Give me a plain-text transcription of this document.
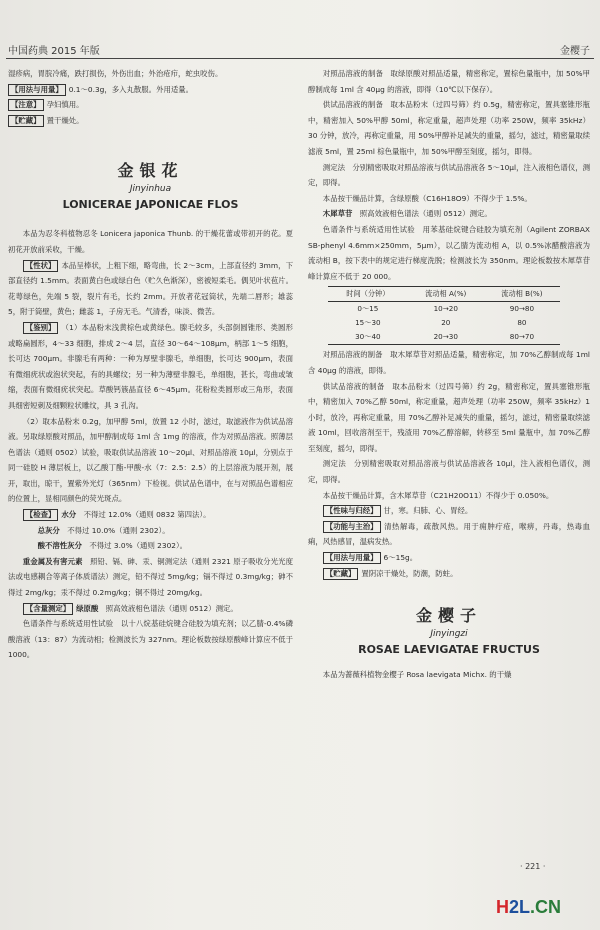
中国药典 2015 年版	金樱子

湿疹病，胃脘冷痛，跌打损伤，外伤出血；外治疮疖，蛇虫咬伤。

【用法与用量】 0.1～0.3g，多入丸散服。外用适量。

【注意】 孕妇慎用。

【贮藏】 置干燥处。

金银花

Jinyinhua

LONICERAE JAPONICAE FLOS

本品为忍冬科植物忍冬 Lonicera japonica Thunb. 的干燥花蕾或带初开的花。夏初花开放前采收，干燥。

【性状】 本品呈棒状，上粗下细，略弯曲，长 2～3cm，上部直径约 3mm，下部直径约 1.5mm。表面黄白色或绿白色（贮久色渐深），密被短柔毛。偶见叶状苞片。花萼绿色，先端 5 裂，裂片有毛，长约 2mm。开放者花冠筒状，先端二唇形；雄蕊 5，附于筒壁，黄色；雌蕊 1，子房无毛。气清香，味淡、微苦。

【鉴别】 （1）本品粉末浅黄棕色或黄绿色。腺毛较多，头部倒圆锥形、类圆形或略扁圆形，4～33 细胞，排成 2～4 层，直径 30～64～108μm，柄部 1～5 细胞，长可达 700μm。非腺毛有两种：一种为厚壁非腺毛，单细胞，长可达 900μm，表面有微细疣状或泡状突起，有的具螺纹；另一种为薄壁非腺毛，单细胞，甚长，弯曲或皱缩，表面有微细疣状突起。草酸钙簇晶直径 6～45μm。花粉粒类圆形或三角形，表面具细密短刺及细颗粒状雕纹，具 3 孔沟。

（2）取本品粉末 0.2g，加甲醇 5ml，放置 12 小时，滤过，取滤液作为供试品溶液。另取绿原酸对照品，加甲醇制成每 1ml 含 1mg 的溶液，作为对照品溶液。照薄层色谱法（通则 0502）试验，吸取供试品溶液 10～20μl、对照品溶液 10μl，分别点于同一硅胶 H 薄层板上，以乙酸丁酯-甲酸-水（7：2.5：2.5）的上层溶液为展开剂，展开，取出，晾干，置紫外光灯（365nm）下检视。供试品色谱中，在与对照品色谱相应的位置上，显相同颜色的荧光斑点。

【检查】 水分　 不得过 12.0%（通则 0832 第四法）。

总灰分　 不得过 10.0%（通则 2302）。

酸不溶性灰分　 不得过 3.0%（通则 2302）。

重金属及有害元素　 照铅、镉、砷、汞、铜测定法（通则 2321 原子吸收分光光度法或电感耦合等离子体质谱法）测定，铅不得过 5mg/kg；镉不得过 0.3mg/kg；砷不得过 2mg/kg；汞不得过 0.2mg/kg；铜不得过 20mg/kg。

【含量测定】 绿原酸　 照高效液相色谱法（通则 0512）测定。

色谱条件与系统适用性试验　以十八烷基硅烷键合硅胶为填充剂；以乙腈-0.4%磷酸溶液（13：87）为流动相；检测波长为 327nm。理论板数按绿原酸峰计算应不低于 1000。

对照品溶液的制备　取绿原酸对照品适量，精密称定，置棕色量瓶中，加 50%甲醇制成每 1ml 含 40μg 的溶液，即得（10℃以下保存）。

供试品溶液的制备　取本品粉末（过四号筛）约 0.5g，精密称定，置具塞锥形瓶中，精密加入 50%甲醇 50ml，称定重量，超声处理（功率 250W，频率 35kHz）30 分钟，放冷，再称定重量，用 50%甲醇补足减失的重量，摇匀，滤过，精密量取续滤液 5ml，置 25ml 棕色量瓶中，加 50%甲醇至刻度，摇匀，即得。

测定法　分别精密吸取对照品溶液与供试品溶液各 5～10μl，注入液相色谱仪，测定，即得。

本品按干燥品计算，含绿原酸（C16H18O9）不得少于 1.5%。

木犀草苷　 照高效液相色谱法（通则 0512）测定。

色谱条件与系统适用性试验　用苯基硅烷键合硅胶为填充剂（Agilent ZORBAX SB-phenyl 4.6mm×250mm，5μm），以乙腈为流动相 A，以 0.5%冰醋酸溶液为流动相 B，按下表中的规定进行梯度洗脱；检测波长为 350nm。理论板数按木犀草苷峰计算应不低于 20 000。

时间（分钟）	流动相 A(%)	流动相 B(%)
0～15	10→20	90→80
15～30	20	80
30～40	20→30	80→70

对照品溶液的制备　取木犀草苷对照品适量，精密称定，加 70%乙醇制成每 1ml 含 40μg 的溶液，即得。

供试品溶液的制备　取本品粉末（过四号筛）约 2g，精密称定，置具塞锥形瓶中，精密加入 70%乙醇 50ml，称定重量，超声处理（功率 250W，频率 35kHz）1 小时，放冷，再称定重量，用 70%乙醇补足减失的重量，摇匀，滤过，精密量取续滤液 10ml，回收溶剂至干，残渣用 70%乙醇溶解，转移至 5ml 量瓶中，加 70%乙醇至刻度，摇匀，即得。

测定法　分别精密吸取对照品溶液与供试品溶液各 10μl，注入液相色谱仪，测定，即得。

本品按干燥品计算，含木犀草苷（C21H20O11）不得少于 0.050%。

【性味与归经】 甘，寒。归肺、心、胃经。

【功能与主治】 清热解毒，疏散风热。用于痈肿疔疮，喉痹，丹毒，热毒血痢，风热感冒，温病发热。

【用法与用量】 6～15g。

【贮藏】 置阴凉干燥处，防潮，防蛀。

金樱子

Jinyingzi

ROSAE LAEVIGATAE FRUCTUS

本品为蔷薇科植物金樱子 Rosa laevigata Michx. 的干燥

· 221 ·
H2L.CN
